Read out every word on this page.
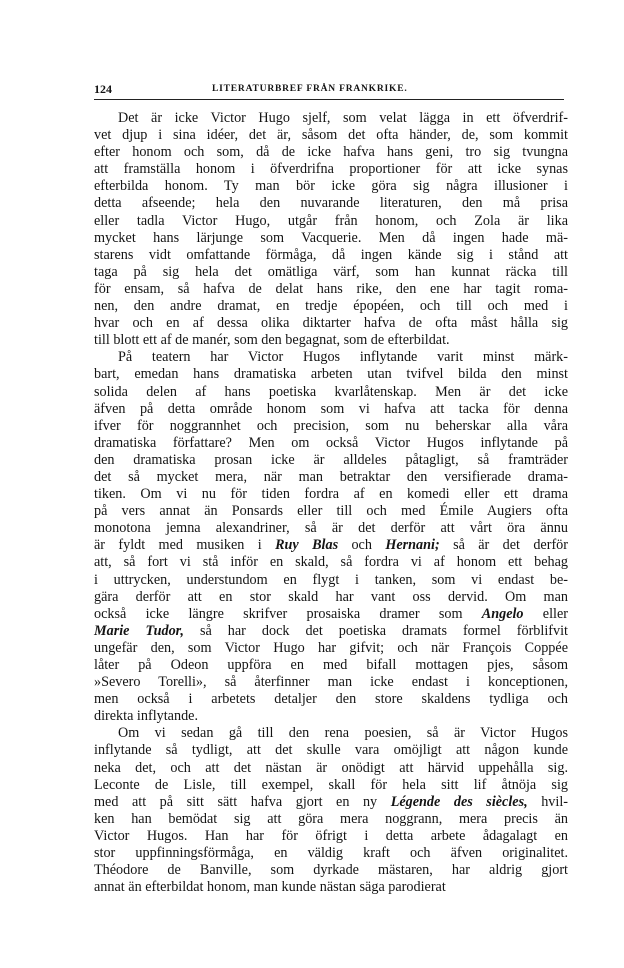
124	LITERATURBREF FRÅN FRANKRIKE.
Det är icke Victor Hugo sjelf, som velat lägga in ett öfverdrif-
vet djup i sina idéer, det är, såsom det ofta händer, de, som kommit
efter honom och som, då de icke hafva hans geni, tro sig tvungna
att framställa honom i öfverdrifna proportioner för att icke synas
efterbilda honom. Ty man bör icke göra sig några illusioner i
detta afseende; hela den nuvarande literaturen, den må prisa
eller tadla Victor Hugo, utgår från honom, och Zola är lika
mycket hans lärjunge som Vacquerie. Men då ingen hade mä-
starens vidt omfattande förmåga, då ingen kände sig i stånd att
taga på sig hela det omätliga värf, som han kunnat räcka till
för ensam, så hafva de delat hans rike, den ene har tagit roma-
nen, den andre dramat, en tredje épopéen, och till och med i
hvar och en af dessa olika diktarter hafva de ofta måst hålla sig
till blott ett af de manér, som den begagnat, som de efterbildat.
På teatern har Victor Hugos inflytande varit minst märk-
bart, emedan hans dramatiska arbeten utan tvifvel bilda den minst
solida delen af hans poetiska kvarlåtenskap. Men är det icke
äfven på detta område honom som vi hafva att tacka för denna
ifver för noggrannhet och precision, som nu beherskar alla våra
dramatiska författare? Men om också Victor Hugos inflytande på
den dramatiska prosan icke är alldeles påtagligt, så framträder
det så mycket mera, när man betraktar den versifierade drama-
tiken. Om vi nu för tiden fordra af en komedi eller ett drama
på vers annat än Ponsards eller till och med Émile Augiers ofta
monotona jemna alexandriner, så är det derför att vårt öra ännu
är fyldt med musiken i Ruy Blas och Hernani; så är det derför
att, så fort vi stå inför en skald, så fordra vi af honom ett behag
i uttrycken, understundom en flygt i tanken, som vi endast be-
gära derför att en stor skald har vant oss dervid. Om man
också icke längre skrifver prosaiska dramer som Angelo eller
Marie Tudor, så har dock det poetiska dramats formel förblifvit
ungefär den, som Victor Hugo har gifvit; och när François Coppée
låter på Odeon uppföra en med bifall mottagen pjes, såsom
»Severo Torelli», så återfinner man icke endast i konceptionen,
men också i arbetets detaljer den store skaldens tydliga och
direkta inflytande.
Om vi sedan gå till den rena poesien, så är Victor Hugos
inflytande så tydligt, att det skulle vara omöjligt att någon kunde
neka det, och att det nästan är onödigt att härvid uppehålla sig.
Leconte de Lisle, till exempel, skall för hela sitt lif åtnöja sig
med att på sitt sätt hafva gjort en ny Légende des siècles, hvil-
ken han bemödat sig att göra mera noggrann, mera precis än
Victor Hugos. Han har för öfrigt i detta arbete ådagalagt en
stor uppfinningsförmåga, en väldig kraft och äfven originalitet.
Théodore de Banville, som dyrkade mästaren, har aldrig gjort
annat än efterbildat honom, man kunde nästan säga parodierat
